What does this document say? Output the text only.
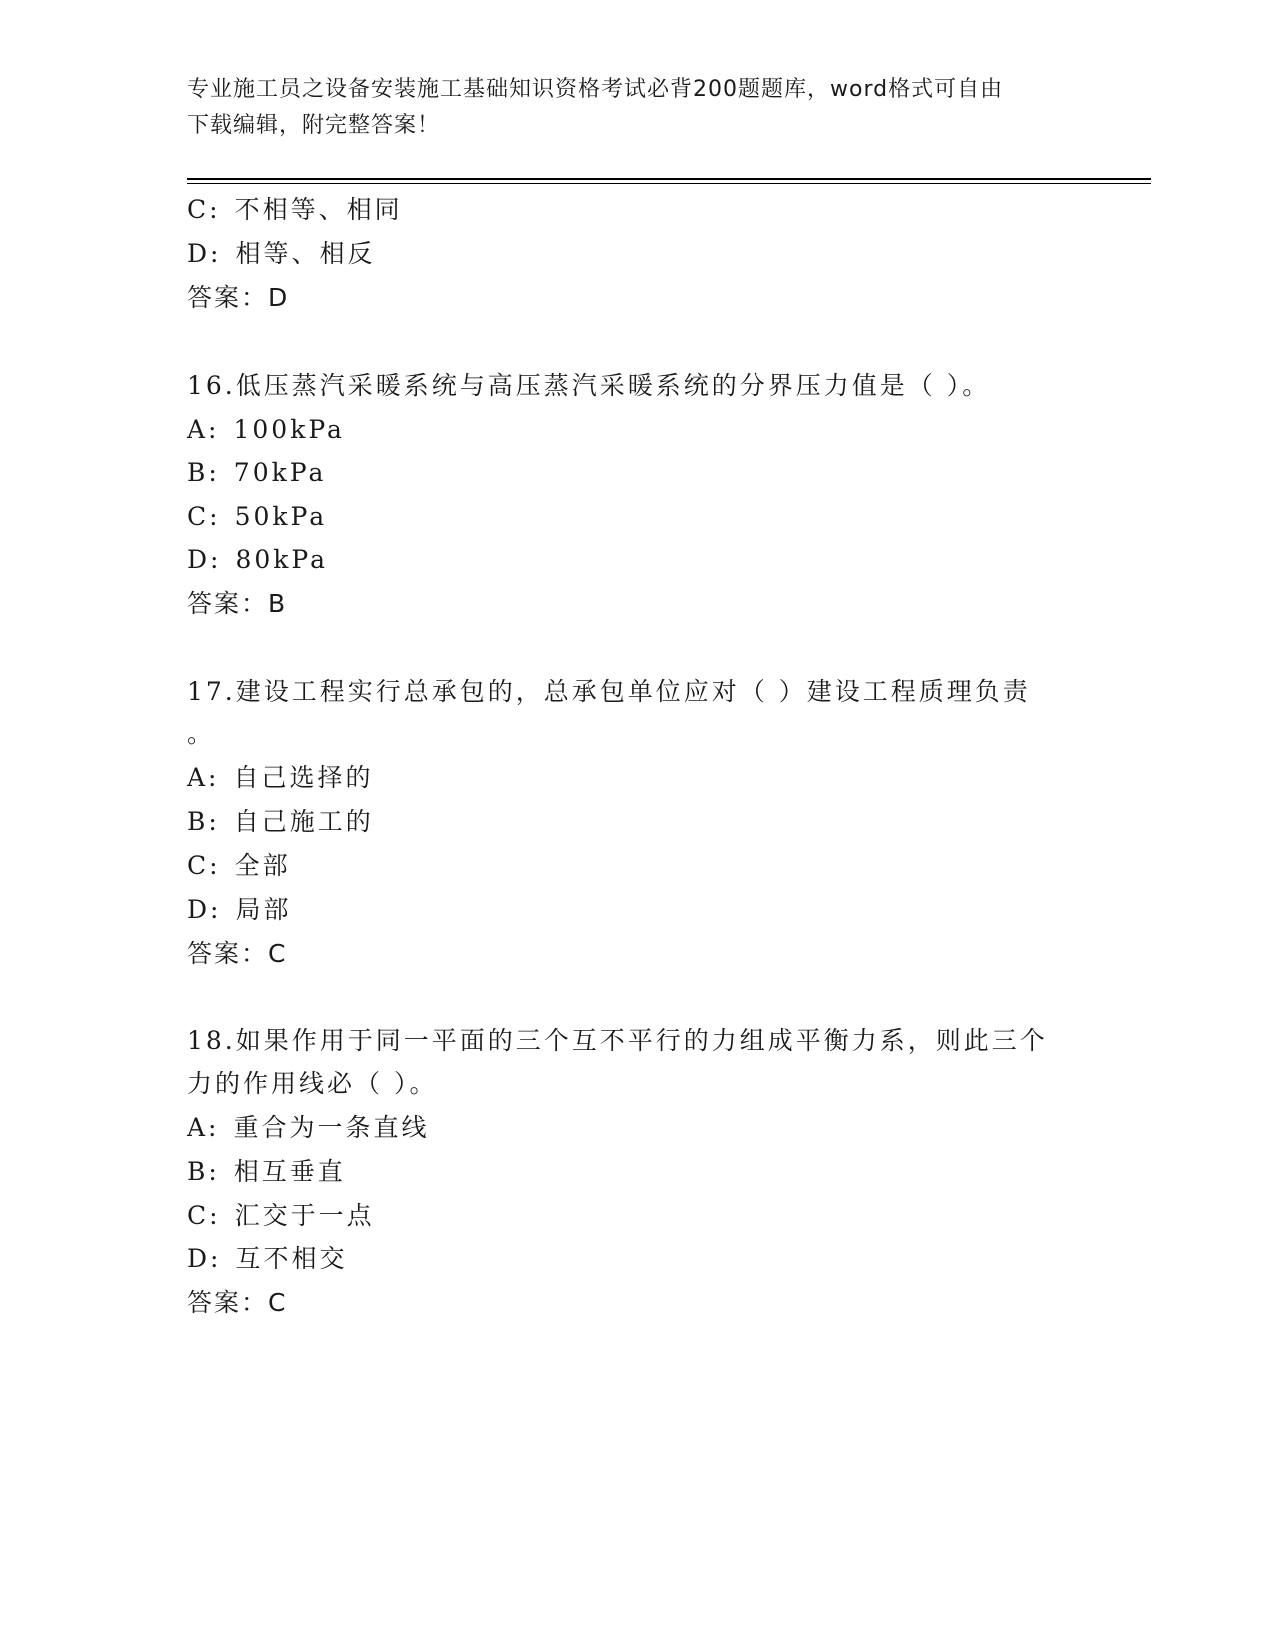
专业施工员之设备安装施工基础知识资格考试必背200题题库，word格式可自由
下载编辑，附完整答案！
C: 不相等、相同
D: 相等、相反
答案：D
16.低压蒸汽采暖系统与高压蒸汽采暖系统的分界压力值是（ ）。
A: 100kPa
B: 70kPa
C: 50kPa
D: 80kPa
答案：B
17.建设工程实行总承包的，总承包单位应对（ ）建设工程质理负责
。
A: 自己选择的
B: 自己施工的
C: 全部
D: 局部
答案：C
18.如果作用于同一平面的三个互不平行的力组成平衡力系，则此三个
力的作用线必（ ）。
A: 重合为一条直线
B: 相互垂直
C: 汇交于一点
D: 互不相交
答案：C
